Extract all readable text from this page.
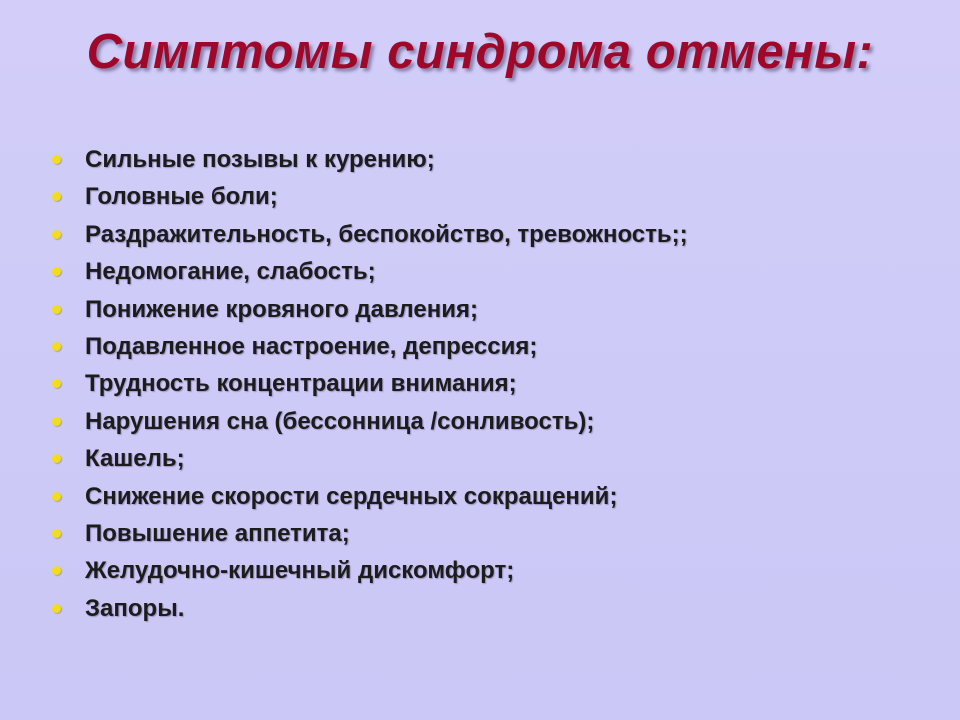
Симптомы синдрома отмены:
Сильные позывы к курению;
Головные боли;
Раздражительность, беспокойство, тревожность;;
Недомогание, слабость;
Понижение кровяного давления;
Подавленное настроение, депрессия;
Трудность концентрации внимания;
Нарушения сна (бессонница /сонливость);
Кашель;
Снижение скорости сердечных сокращений;
Повышение аппетита;
Желудочно-кишечный дискомфорт;
Запоры.
